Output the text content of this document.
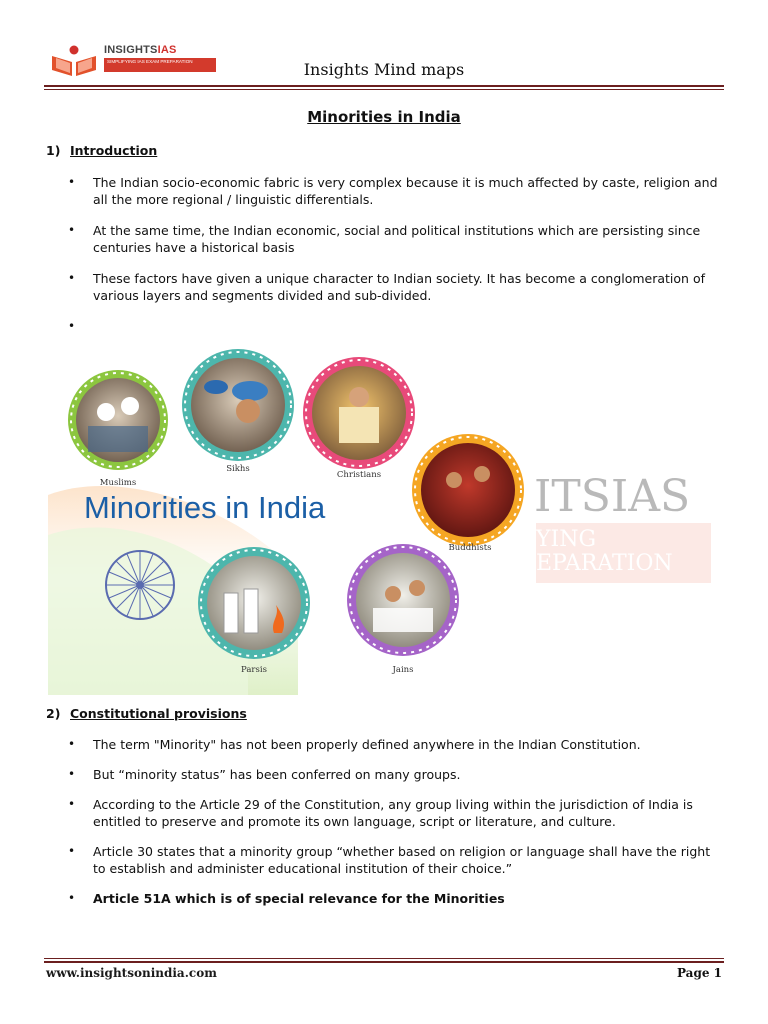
INSIGHTSIAS
SIMPLIFYING IAS EXAM PREPARATION	Insights Mind maps
Minorities in India
1) Introduction
• The Indian socio-economic fabric is very complex because it is much affected by caste, religion and all the more regional / linguistic differentials.
• At the same time, the Indian economic, social and political institutions which are persisting since centuries have a historical basis
• These factors have given a unique character to Indian society. It has become a conglomeration of various layers and segments divided and sub-divided.
•
Minorities in India
Muslims
Sikhs
Christians
Buddhists
Parsis	Jains
ITSIAS
YING
EPARATION
2) Constitutional provisions
• The term "Minority" has not been properly defined anywhere in the Indian Constitution.
• But “minority status” has been conferred on many groups.
• According to the Article 29 of the Constitution, any group living within the jurisdiction of India is entitled to preserve and promote its own language, script or literature, and culture.
• Article 30 states that a minority group “whether based on religion or language shall have the right to establish and administer educational institution of their choice.”
• Article 51A which is of special relevance for the Minorities
www.insightsonindia.com	Page 1
